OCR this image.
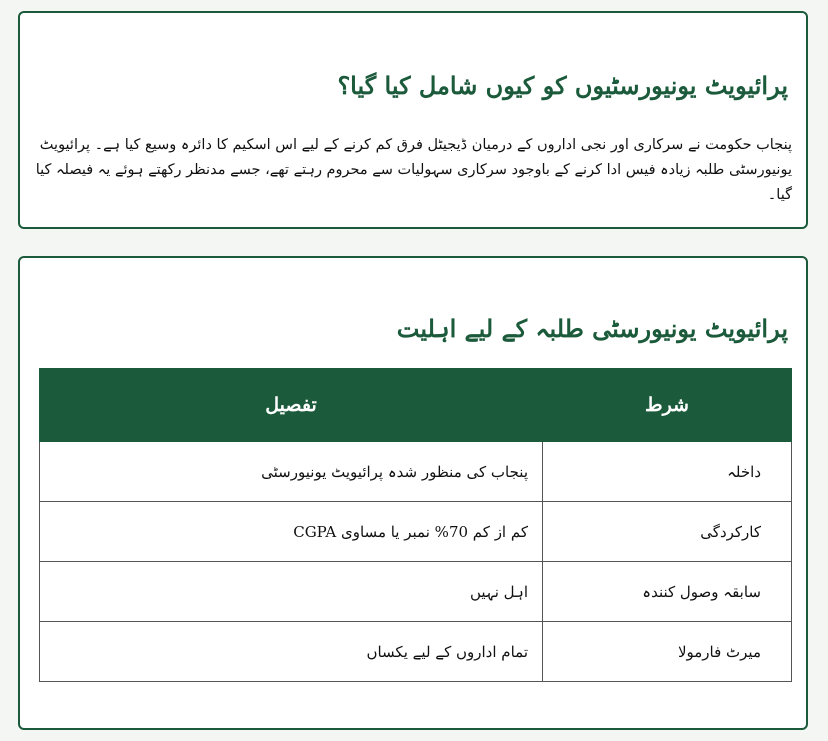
پرائیویٹ یونیورسٹیوں کو کیوں شامل کیا گیا؟

پنجاب حکومت نے سرکاری اور نجی اداروں کے درمیان ڈیجیٹل فرق کم کرنے کے لیے اس اسکیم کا دائرہ وسیع کیا ہے۔ پرائیویٹ یونیورسٹی طلبہ زیادہ فیس ادا کرنے کے باوجود سرکاری سہولیات سے محروم رہتے تھے، جسے مدنظر رکھتے ہوئے یہ فیصلہ کیا گیا۔

پرائیویٹ یونیورسٹی طلبہ کے لیے اہلیت
شرط	تفصیل
داخلہ	پنجاب کی منظور شدہ پرائیویٹ یونیورسٹی
کارکردگی	کم از کم 70% نمبر یا مساوی CGPA
سابقہ وصول کنندہ	اہل نہیں
میرٹ فارمولا	تمام اداروں کے لیے یکساں
